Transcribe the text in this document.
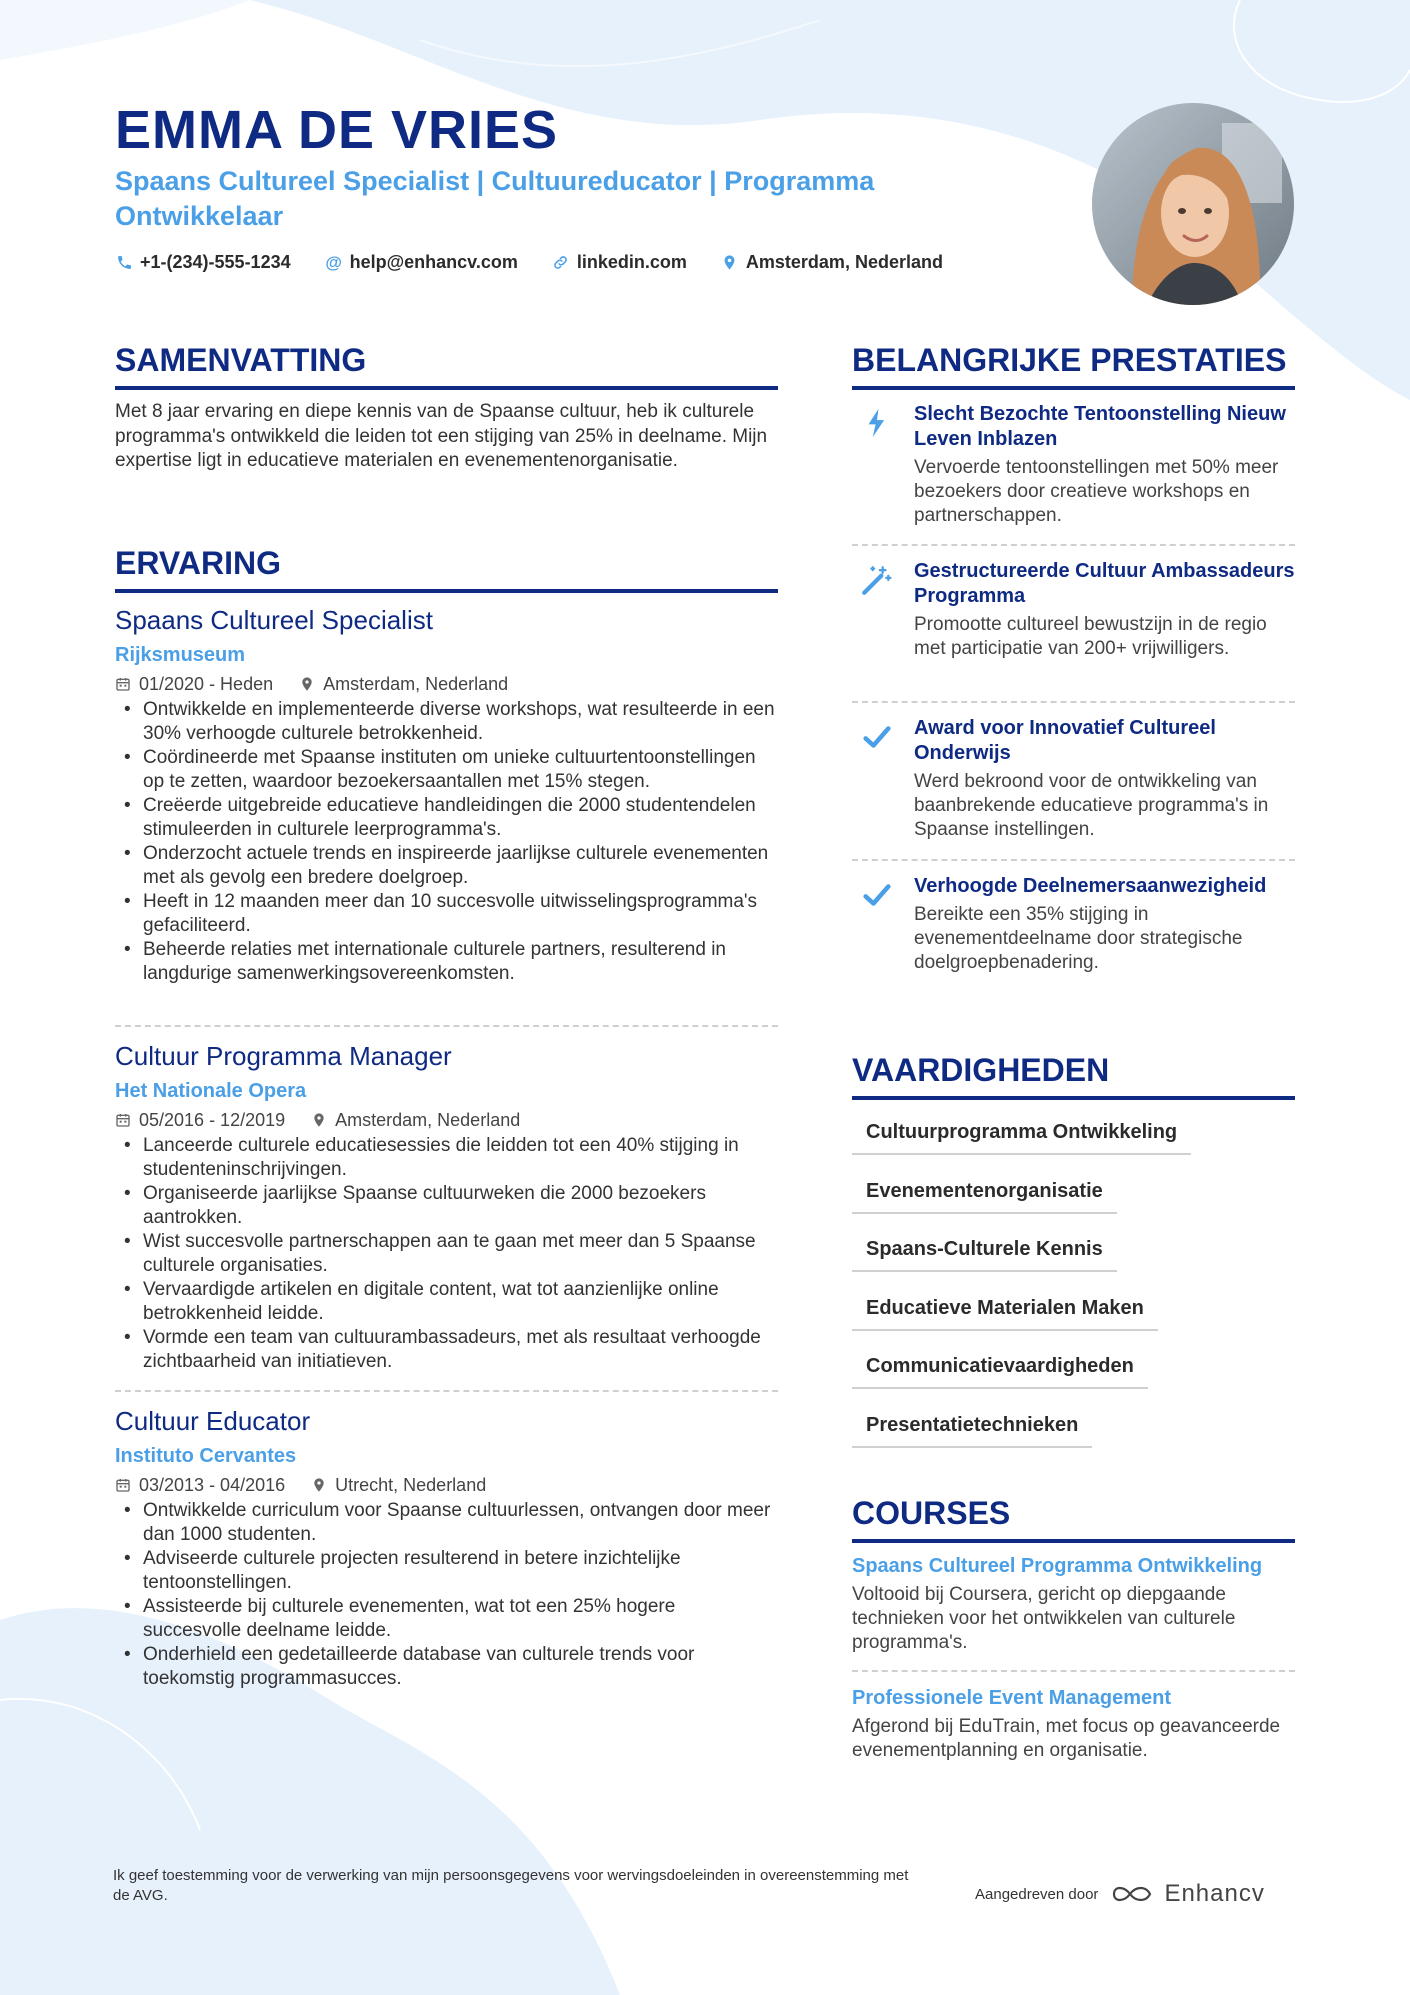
EMMA DE VRIES
Spaans Cultureel Specialist | Cultuureducator | Programma Ontwikkelaar
+1-(234)-555-1234 @ help@enhancv.com	linkedin.com	Amsterdam, Nederland
SAMENVATTING
Met 8 jaar ervaring en diepe kennis van de Spaanse cultuur, heb ik culturele programma's ontwikkeld die leiden tot een stijging van 25% in deelname. Mijn expertise ligt in educatieve materialen en evenementenorganisatie.
ERVARING
Spaans Cultureel Specialist
Rijksmuseum
01/2020 - Heden	Amsterdam, Nederland
• Ontwikkelde en implementeerde diverse workshops, wat resulteerde in een 30% verhoogde culturele betrokkenheid.
• Coördineerde met Spaanse instituten om unieke cultuurtentoonstellingen op te zetten, waardoor bezoekersaantallen met 15% stegen.
• Creëerde uitgebreide educatieve handleidingen die 2000 studentendelen stimuleerden in culturele leerprogramma's.
• Onderzocht actuele trends en inspireerde jaarlijkse culturele evenementen met als gevolg een bredere doelgroep.
• Heeft in 12 maanden meer dan 10 succesvolle uitwisselingsprogramma's gefaciliteerd.
• Beheerde relaties met internationale culturele partners, resulterend in langdurige samenwerkingsovereenkomsten.
Cultuur Programma Manager
Het Nationale Opera
05/2016 - 12/2019	Amsterdam, Nederland
• Lanceerde culturele educatiesessies die leidden tot een 40% stijging in studenteninschrijvingen.
• Organiseerde jaarlijkse Spaanse cultuurweken die 2000 bezoekers aantrokken.
• Wist succesvolle partnerschappen aan te gaan met meer dan 5 Spaanse culturele organisaties.
• Vervaardigde artikelen en digitale content, wat tot aanzienlijke online betrokkenheid leidde.
• Vormde een team van cultuurambassadeurs, met als resultaat verhoogde zichtbaarheid van initiatieven.
Cultuur Educator
Instituto Cervantes
03/2013 - 04/2016	Utrecht, Nederland
• Ontwikkelde curriculum voor Spaanse cultuurlessen, ontvangen door meer dan 1000 studenten.
• Adviseerde culturele projecten resulterend in betere inzichtelijke tentoonstellingen.
• Assisteerde bij culturele evenementen, wat tot een 25% hogere succesvolle deelname leidde.
• Onderhield een gedetailleerde database van culturele trends voor toekomstig programmasucces.
BELANGRIJKE PRESTATIES
Slecht Bezochte Tentoonstelling Nieuw Leven Inblazen
Vervoerde tentoonstellingen met 50% meer bezoekers door creatieve workshops en partnerschappen.
Gestructureerde Cultuur Ambassadeurs Programma
Promootte cultureel bewustzijn in de regio met participatie van 200+ vrijwilligers.
Award voor Innovatief Cultureel Onderwijs
Werd bekroond voor de ontwikkeling van baanbrekende educatieve programma's in Spaanse instellingen.
Verhoogde Deelnemersaanwezigheid
Bereikte een 35% stijging in evenementdeelname door strategische doelgroepbenadering.
VAARDIGHEDEN
Cultuurprogramma Ontwikkeling
Evenementenorganisatie
Spaans-Culturele Kennis
Educatieve Materialen Maken
Communicatievaardigheden
Presentatietechnieken
COURSES
Spaans Cultureel Programma Ontwikkeling
Voltooid bij Coursera, gericht op diepgaande technieken voor het ontwikkelen van culturele programma's.
Professionele Event Management
Afgerond bij EduTrain, met focus op geavanceerde evenementplanning en organisatie.
Ik geef toestemming voor de verwerking van mijn persoonsgegevens voor wervingsdoeleinden in overeenstemming met de AVG.	Aangedreven door	Enhancv
